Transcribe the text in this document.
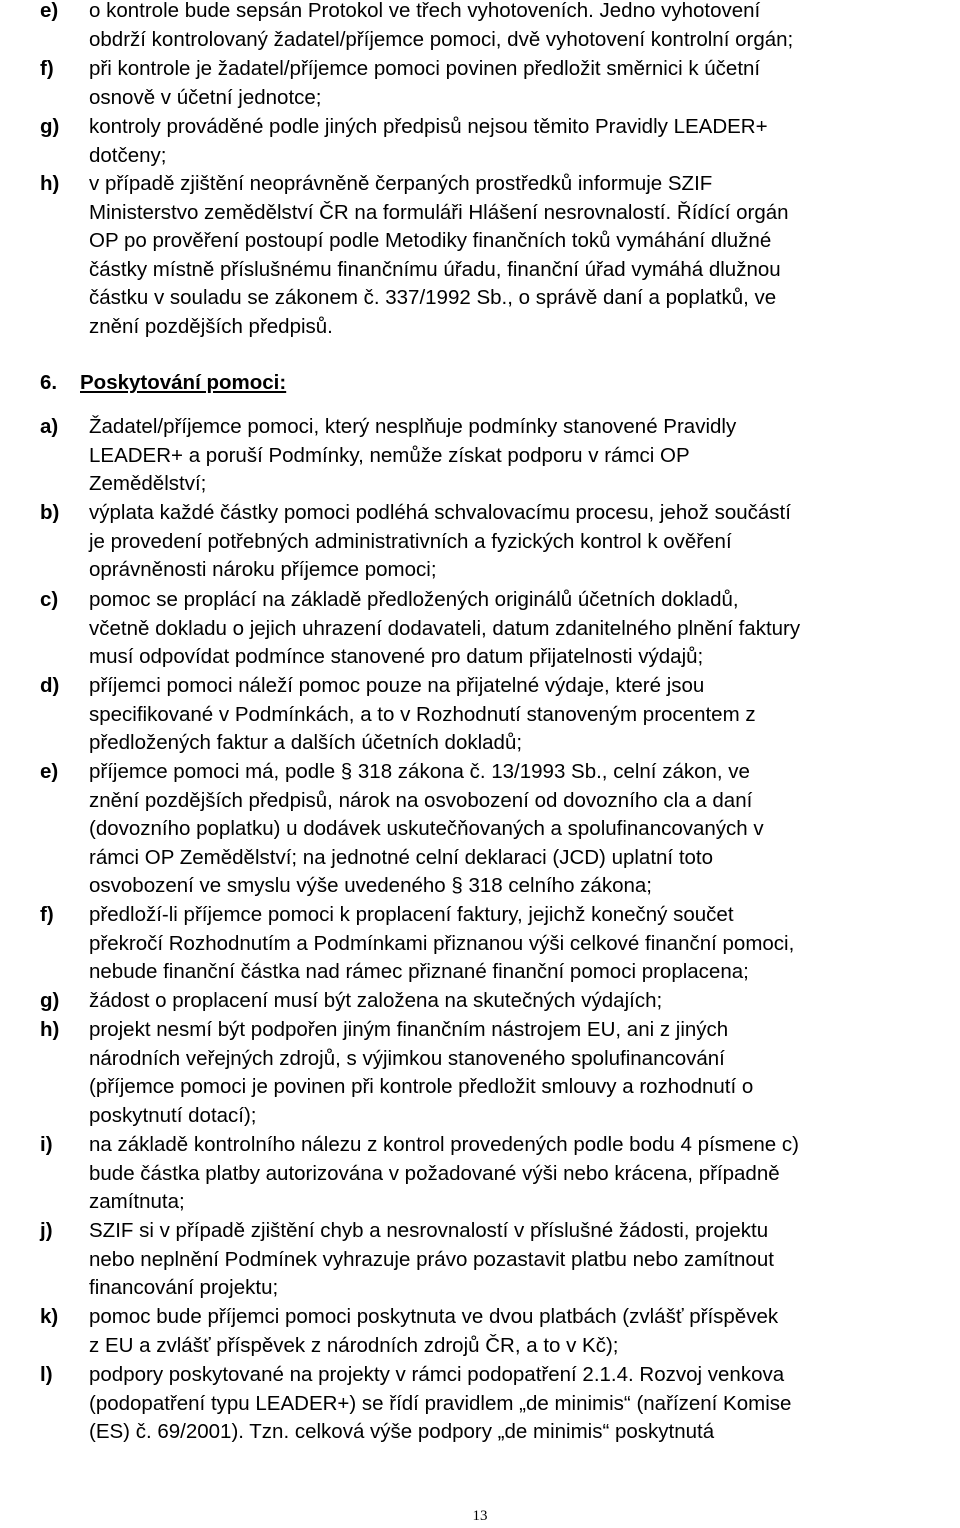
e)	o kontrole bude sepsán Protokol ve třech vyhotoveních. Jedno vyhotovení
obdrží kontrolovaný žadatel/příjemce pomoci, dvě vyhotovení kontrolní orgán;
f)	při kontrole je žadatel/příjemce pomoci povinen předložit směrnici k účetní
osnově v účetní jednotce;
g)	kontroly prováděné podle jiných předpisů nejsou těmito Pravidly LEADER+
dotčeny;
h)	v případě zjištění neoprávněně čerpaných prostředků informuje SZIF
Ministerstvo zemědělství ČR na formuláři Hlášení nesrovnalostí. Řídící orgán
OP po prověření postoupí podle Metodiky finančních toků vymáhání dlužné
částky místně příslušnému finančnímu úřadu, finanční úřad vymáhá dlužnou
částku v souladu se zákonem č. 337/1992 Sb., o správě daní a poplatků, ve
znění pozdějších předpisů.
6. Poskytování pomoci:
a)	Žadatel/příjemce pomoci, který nesplňuje podmínky stanovené Pravidly
LEADER+ a poruší Podmínky, nemůže získat podporu v rámci OP
Zemědělství;
b)	výplata každé částky pomoci podléhá schvalovacímu procesu, jehož součástí
je provedení potřebných administrativních a fyzických kontrol k ověření
oprávněnosti nároku příjemce pomoci;
c)	pomoc se proplácí na základě předložených originálů účetních dokladů,
včetně dokladu o jejich uhrazení dodavateli, datum zdanitelného plnění faktury
musí odpovídat podmínce stanovené pro datum přijatelnosti výdajů;
d)	příjemci pomoci náleží pomoc pouze na přijatelné výdaje, které jsou
specifikované v Podmínkách, a to v Rozhodnutí stanoveným procentem z
předložených faktur a dalších účetních dokladů;
e)	příjemce pomoci má, podle § 318 zákona č. 13/1993 Sb., celní zákon, ve
znění pozdějších předpisů, nárok na osvobození od dovozního cla a daní
(dovozního poplatku) u dodávek uskutečňovaných a spolufinancovaných v
rámci OP Zemědělství; na jednotné celní deklaraci (JCD) uplatní toto
osvobození ve smyslu výše uvedeného § 318 celního zákona;
f)	předloží-li příjemce pomoci k proplacení faktury, jejichž konečný součet
překročí Rozhodnutím a Podmínkami přiznanou výši celkové finanční pomoci,
nebude finanční částka nad rámec přiznané finanční pomoci proplacena;
g)	žádost o proplacení musí být založena na skutečných výdajích;
h)	projekt nesmí být podpořen jiným finančním nástrojem EU, ani z jiných
národních veřejných zdrojů, s výjimkou stanoveného spolufinancování
(příjemce pomoci je povinen při kontrole předložit smlouvy a rozhodnutí o
poskytnutí dotací);
i)	na základě kontrolního nálezu z kontrol provedených podle bodu 4 písmene c)
bude částka platby autorizována v požadované výši nebo krácena, případně
zamítnuta;
j)	SZIF si v případě zjištění chyb a nesrovnalostí v příslušné žádosti, projektu
nebo neplnění Podmínek vyhrazuje právo pozastavit platbu nebo zamítnout
financování projektu;
k)	pomoc bude příjemci pomoci poskytnuta ve dvou platbách (zvlášť příspěvek
z EU a zvlášť příspěvek z národních zdrojů ČR, a to v Kč);
l)	podpory poskytované na projekty v rámci podopatření 2.1.4. Rozvoj venkova
(podopatření typu LEADER+) se řídí pravidlem „de minimis“ (nařízení Komise
(ES) č. 69/2001). Tzn. celková výše podpory „de minimis“ poskytnutá
13
